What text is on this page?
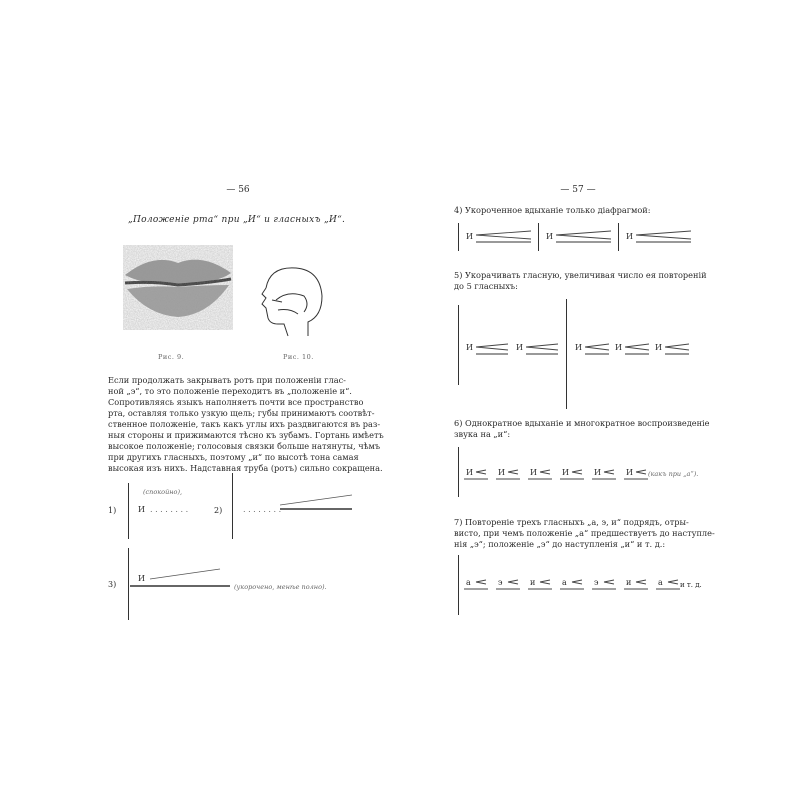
— 56
„Положеніе рта“ при „И“ и гласныхъ „И“.
Рис. 9.	Рис. 10.
Если продолжать закрывать ротъ при положеніи глас-
ной „э“, то это положеніе переходитъ въ „положеніе и“.
Сопротивляясь языкъ наполняетъ почти все пространство
рта, оставляя только узкую щель; губы принимаютъ соотвѣт-
ственное положеніе, такъ какъ углы ихъ раздвигаются въ раз-
ныя стороны и прижимаются тѣсно къ зубамъ. Гортань имѣетъ
высокое положеніе; голосовыя связки больше натянуты, чѣмъ
при другихъ гласныхъ, поэтому „и“ по высотѣ тона самая
высокая изъ нихъ. Надставная труба (ротъ) сильно сокращена.
1)
(спокойно),
И . . . . . . . .	2)	. . . . . . . .
3)
И
(укорочено, менѣе полно).
— 57 —
4) Укороченное вдыханіе только діафрагмой:
И	И	И
5) Укорачивать гласную, увеличивая число ея повтореній
до 5 гласныхъ:
И	И	И	И	И
6) Однократное вдыханіе и многократное воспроизведеніе
звука на „и“:
И	И	И	И	И	И (какъ при „а“).
7) Повтореніе трехъ гласныхъ „а, э, и“ подрядъ, отры-
висто, при чемъ положеніе „а“ предшествуетъ до наступле-
нія „э“; положеніе „э“ до наступленія „и“ и т. д.:
а	э	и	а	э	и	а и т. д.
